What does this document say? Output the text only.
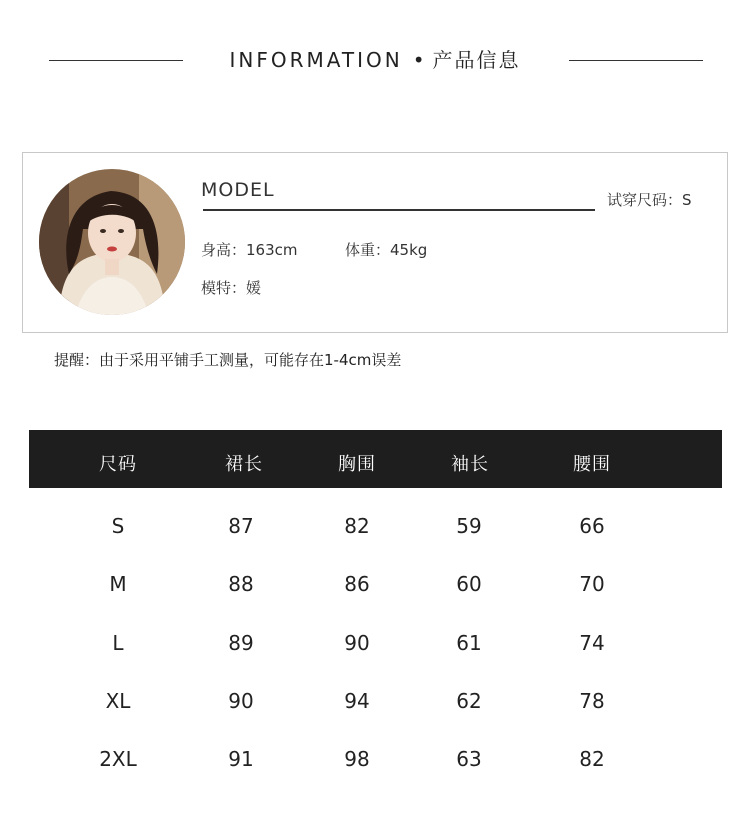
INFORMATION • 产品信息
MODEL	试穿尺码：S
身高：163cm	体重：45kg
模特：媛
提醒：由于采用平铺手工测量，可能存在1-4cm误差
尺码	裙长	胸围	袖长	腰围
S	87	82	59	66
M	88	86	60	70
L	89	90	61	74
XL	90	94	62	78
2XL	91	98	63	82
